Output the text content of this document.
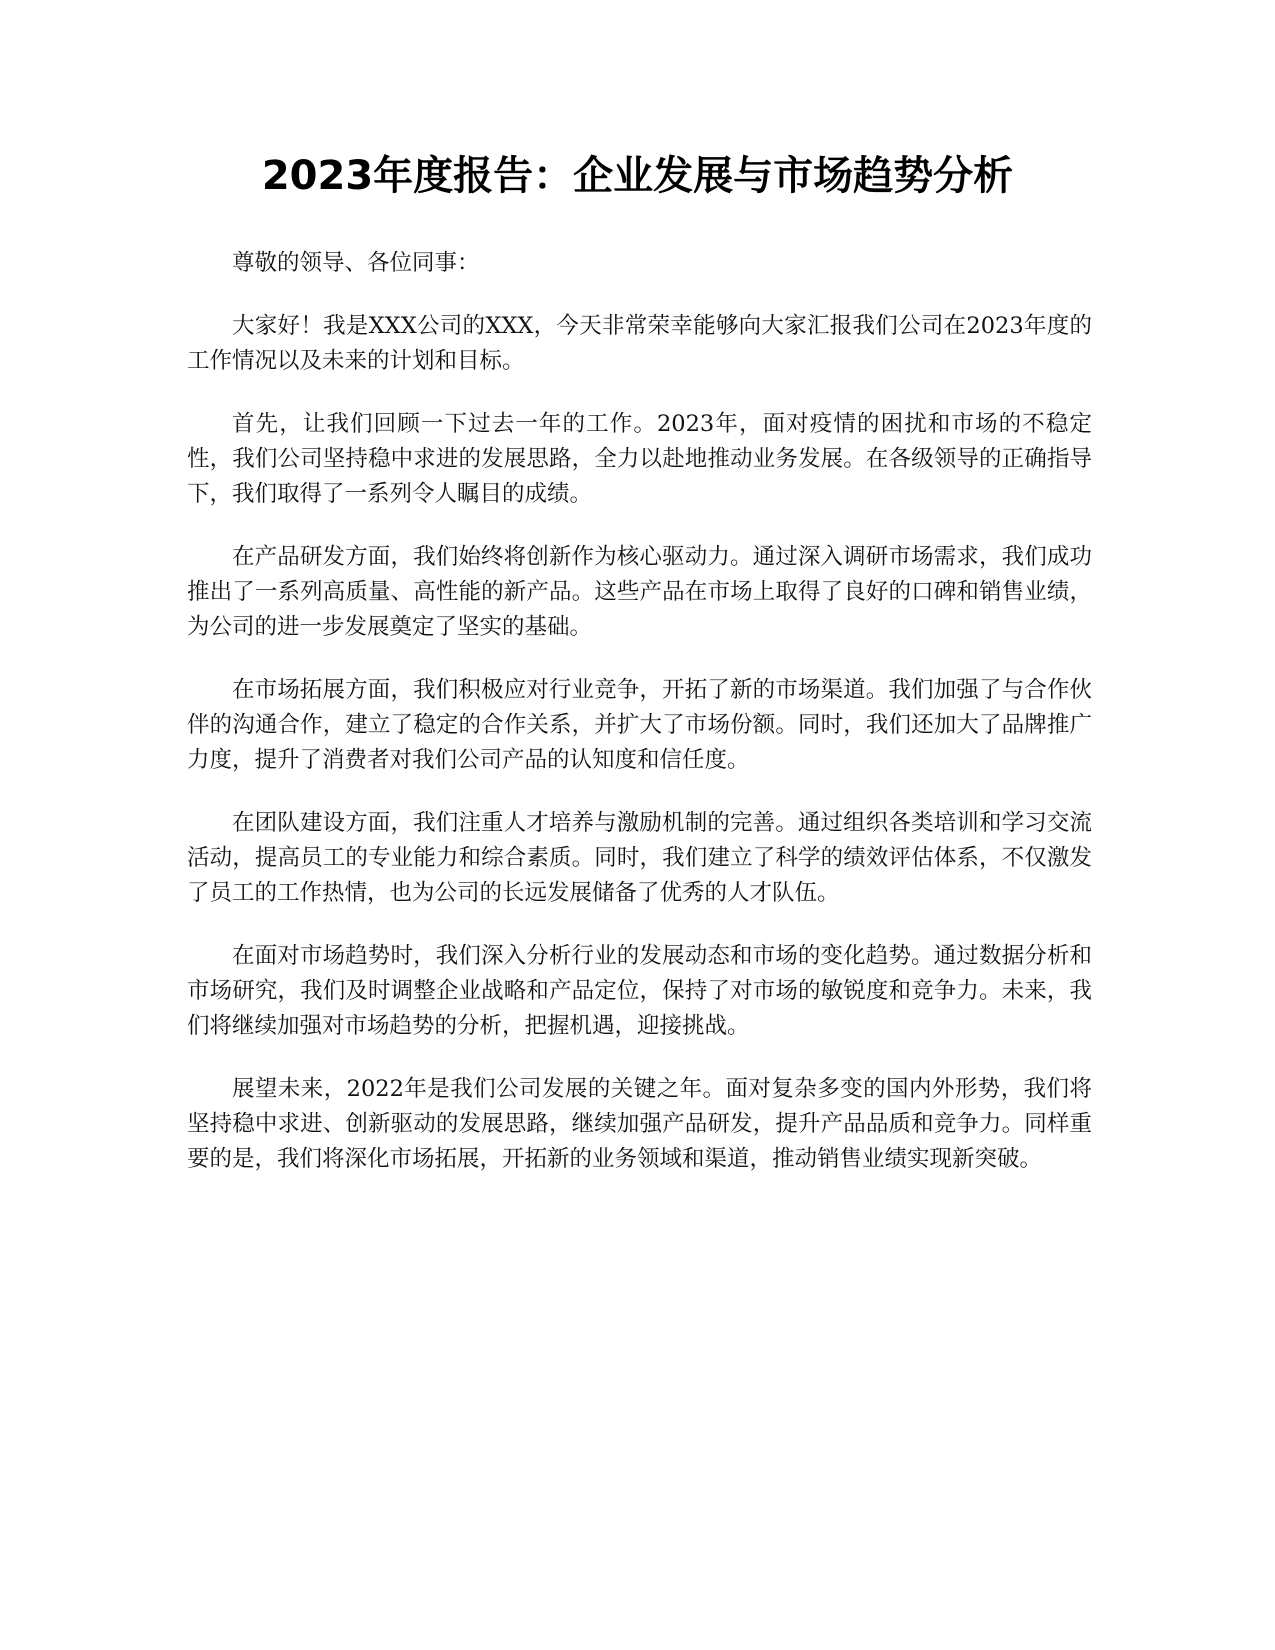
2023年度报告：企业发展与市场趋势分析

尊敬的领导、各位同事：

大家好！我是XXX公司的XXX，今天非常荣幸能够向大家汇报我们公司在2023年度的工作情况以及未来的计划和目标。

首先，让我们回顾一下过去一年的工作。2023年，面对疫情的困扰和市场的不稳定性，我们公司坚持稳中求进的发展思路，全力以赴地推动业务发展。在各级领导的正确指导下，我们取得了一系列令人瞩目的成绩。

在产品研发方面，我们始终将创新作为核心驱动力。通过深入调研市场需求，我们成功推出了一系列高质量、高性能的新产品。这些产品在市场上取得了良好的口碑和销售业绩，为公司的进一步发展奠定了坚实的基础。

在市场拓展方面，我们积极应对行业竞争，开拓了新的市场渠道。我们加强了与合作伙伴的沟通合作，建立了稳定的合作关系，并扩大了市场份额。同时，我们还加大了品牌推广力度，提升了消费者对我们公司产品的认知度和信任度。

在团队建设方面，我们注重人才培养与激励机制的完善。通过组织各类培训和学习交流活动，提高员工的专业能力和综合素质。同时，我们建立了科学的绩效评估体系，不仅激发了员工的工作热情，也为公司的长远发展储备了优秀的人才队伍。

在面对市场趋势时，我们深入分析行业的发展动态和市场的变化趋势。通过数据分析和市场研究，我们及时调整企业战略和产品定位，保持了对市场的敏锐度和竞争力。未来，我们将继续加强对市场趋势的分析，把握机遇，迎接挑战。

展望未来，2022年是我们公司发展的关键之年。面对复杂多变的国内外形势，我们将坚持稳中求进、创新驱动的发展思路，继续加强产品研发，提升产品品质和竞争力。同样重要的是，我们将深化市场拓展，开拓新的业务领域和渠道，推动销售业绩实现新突破。
